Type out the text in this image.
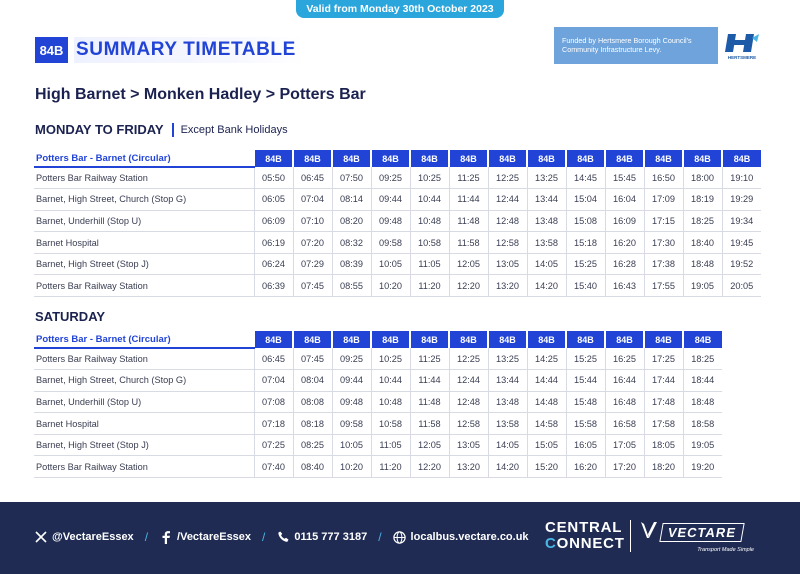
Valid from Monday 30th October 2023
84B SUMMARY TIMETABLE	Funded by Hertsmere Borough Council's Community Infrastructure Levy.
HERTSMERE
High Barnet > Monken Hadley > Potters Bar
MONDAY TO FRIDAY Except Bank Holidays
Potters Bar - Barnet (Circular)	84B	84B	84B	84B	84B	84B	84B	84B	84B	84B	84B	84B	84B
Potters Bar Railway Station	05:50	06:45	07:50	09:25	10:25	11:25	12:25	13:25	14:45	15:45	16:50	18:00	19:10
Barnet, High Street, Church (Stop G)	06:05	07:04	08:14	09:44	10:44	11:44	12:44	13:44	15:04	16:04	17:09	18:19	19:29
Barnet, Underhill (Stop U)	06:09	07:10	08:20	09:48	10:48	11:48	12:48	13:48	15:08	16:09	17:15	18:25	19:34
Barnet Hospital	06:19	07:20	08:32	09:58	10:58	11:58	12:58	13:58	15:18	16:20	17:30	18:40	19:45
Barnet, High Street (Stop J)	06:24	07:29	08:39	10:05	11:05	12:05	13:05	14:05	15:25	16:28	17:38	18:48	19:52
Potters Bar Railway Station	06:39	07:45	08:55	10:20	11:20	12:20	13:20	14:20	15:40	16:43	17:55	19:05	20:05
SATURDAY
Potters Bar - Barnet (Circular)	84B	84B	84B	84B	84B	84B	84B	84B	84B	84B	84B	84B
Potters Bar Railway Station	06:45	07:45	09:25	10:25	11:25	12:25	13:25	14:25	15:25	16:25	17:25	18:25
Barnet, High Street, Church (Stop G)	07:04	08:04	09:44	10:44	11:44	12:44	13:44	14:44	15:44	16:44	17:44	18:44
Barnet, Underhill (Stop U)	07:08	08:08	09:48	10:48	11:48	12:48	13:48	14:48	15:48	16:48	17:48	18:48
Barnet Hospital	07:18	08:18	09:58	10:58	11:58	12:58	13:58	14:58	15:58	16:58	17:58	18:58
Barnet, High Street (Stop J)	07:25	08:25	10:05	11:05	12:05	13:05	14:05	15:05	16:05	17:05	18:05	19:05
Potters Bar Railway Station	07:40	08:40	10:20	11:20	12:20	13:20	14:20	15:20	16:20	17:20	18:20	19:20
@VectareEssex /	/VectareEssex /	0115 777 3187 /	localbus.vectare.co.uk
CENTRAL
CONNECT
VECTARE
Transport Made Simple
